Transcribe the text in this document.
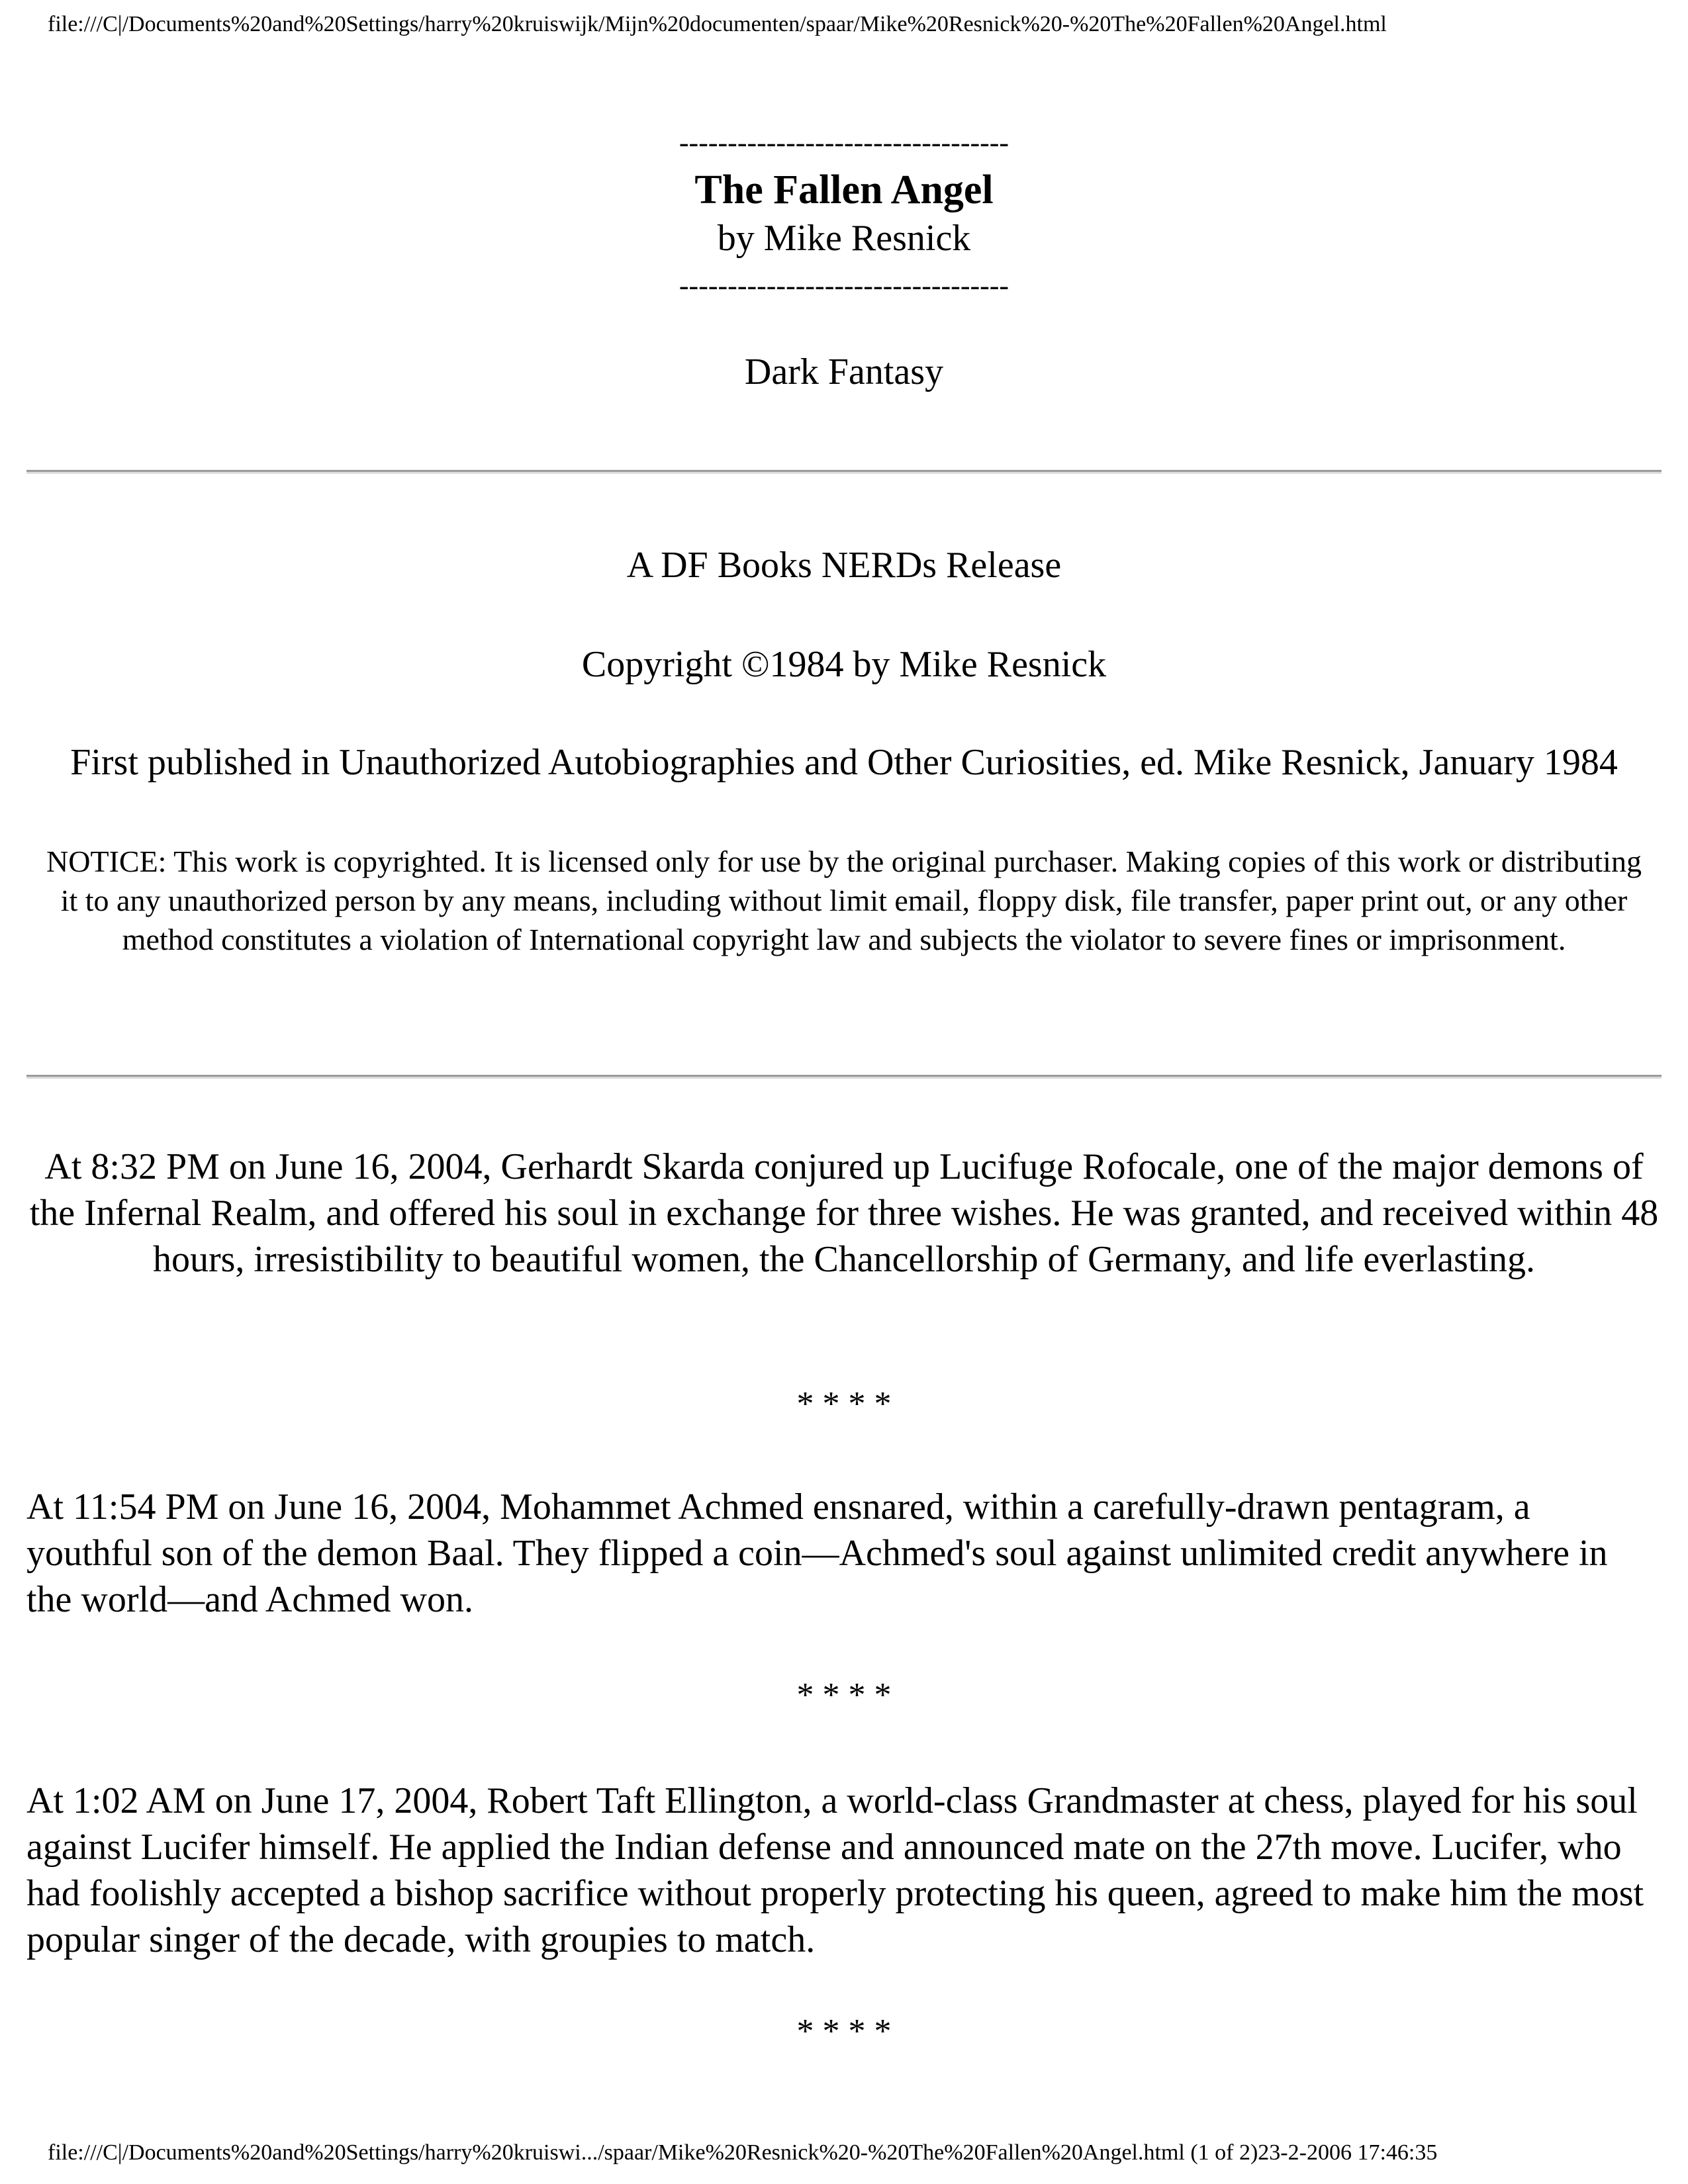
file:///C|/Documents%20and%20Settings/harry%20kruiswijk/Mijn%20documenten/spaar/Mike%20Resnick%20-%20The%20Fallen%20Angel.html
----------------------------------
The Fallen Angel
by Mike Resnick
----------------------------------
Dark Fantasy
A DF Books NERDs Release
Copyright ©1984 by Mike Resnick
First published in Unauthorized Autobiographies and Other Curiosities, ed. Mike Resnick, January 1984
NOTICE: This work is copyrighted. It is licensed only for use by the original purchaser. Making copies of this work or distributing it to any unauthorized person by any means, including without limit email, floppy disk, file transfer, paper print out, or any other method constitutes a violation of International copyright law and subjects the violator to severe fines or imprisonment.
At 8:32 PM on June 16, 2004, Gerhardt Skarda conjured up Lucifuge Rofocale, one of the major demons of the Infernal Realm, and offered his soul in exchange for three wishes. He was granted, and received within 48 hours, irresistibility to beautiful women, the Chancellorship of Germany, and life everlasting.
* * * *
At 11:54 PM on June 16, 2004, Mohammet Achmed ensnared, within a carefully-drawn pentagram, a youthful son of the demon Baal. They flipped a coin—Achmed's soul against unlimited credit anywhere in the world—and Achmed won.
* * * *
At 1:02 AM on June 17, 2004, Robert Taft Ellington, a world-class Grandmaster at chess, played for his soul against Lucifer himself. He applied the Indian defense and announced mate on the 27th move. Lucifer, who had foolishly accepted a bishop sacrifice without properly protecting his queen, agreed to make him the most popular singer of the decade, with groupies to match.
* * * *
file:///C|/Documents%20and%20Settings/harry%20kruiswi.../spaar/Mike%20Resnick%20-%20The%20Fallen%20Angel.html (1 of 2)23-2-2006 17:46:35
